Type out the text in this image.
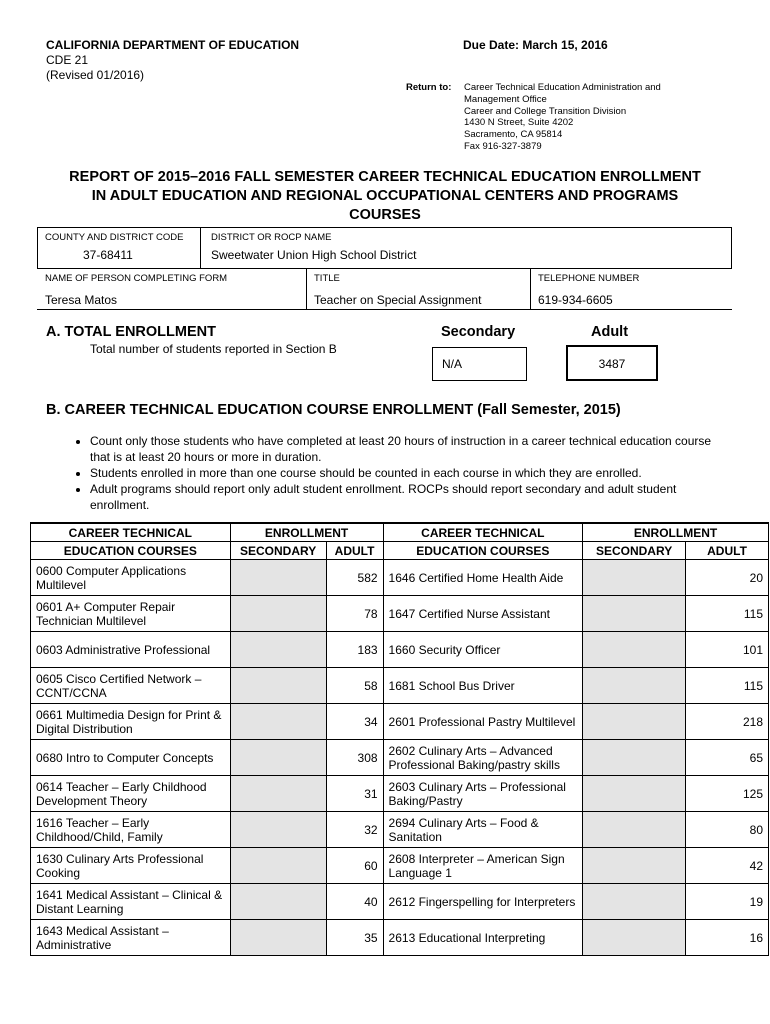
CALIFORNIA DEPARTMENT OF EDUCATION
CDE 21
(Revised 01/2016)
Due Date: March 15, 2016
Return to: Career Technical Education Administration and
Management Office
Career and College Transition Division
1430 N Street, Suite 4202
Sacramento, CA 95814
Fax 916-327-3879
REPORT OF 2015–2016 FALL SEMESTER CAREER TECHNICAL EDUCATION ENROLLMENT
IN ADULT EDUCATION AND REGIONAL OCCUPATIONAL CENTERS AND PROGRAMS
COURSES
COUNTY AND DISTRICT CODE
37-68411
DISTRICT OR ROCP NAME
Sweetwater Union High School District
NAME OF PERSON COMPLETING FORM
Teresa Matos
TITLE
Teacher on Special Assignment
TELEPHONE NUMBER
619-934-6605
A. TOTAL ENROLLMENT
Total number of students reported in Section B
Secondary	Adult
N/A	3487
B. CAREER TECHNICAL EDUCATION COURSE ENROLLMENT (Fall Semester, 2015)
• Count only those students who have completed at least 20 hours of instruction in a career technical education course that is at least 20 hours or more in duration.
• Students enrolled in more than one course should be counted in each course in which they are enrolled.
• Adult programs should report only adult student enrollment. ROCPs should report secondary and adult student enrollment.
CAREER TECHNICAL	ENROLLMENT		CAREER TECHNICAL	ENROLLMENT	
EDUCATION COURSES	SECONDARY	ADULT	EDUCATION COURSES	SECONDARY	ADULT
0600 Computer Applications Multilevel		582	1646 Certified Home Health Aide		20
0601 A+ Computer Repair Technician Multilevel		78	1647 Certified Nurse Assistant		115
0603 Administrative Professional		183	1660 Security Officer		101
0605 Cisco Certified Network – CCNT/CCNA		58	1681 School Bus Driver		115
0661 Multimedia Design for Print & Digital Distribution		34	2601 Professional Pastry Multilevel		218
0680 Intro to Computer Concepts		308	2602 Culinary Arts – Advanced Professional Baking/pastry skills		65
0614 Teacher – Early Childhood Development Theory		31	2603 Culinary Arts – Professional Baking/Pastry		125
1616 Teacher – Early Childhood/Child, Family		32	2694 Culinary Arts – Food & Sanitation		80
1630 Culinary Arts Professional Cooking		60	2608 Interpreter – American Sign Language 1		42
1641 Medical Assistant – Clinical & Distant Learning		40	2612 Fingerspelling for Interpreters		19
1643 Medical Assistant – Administrative		35	2613 Educational Interpreting		16
